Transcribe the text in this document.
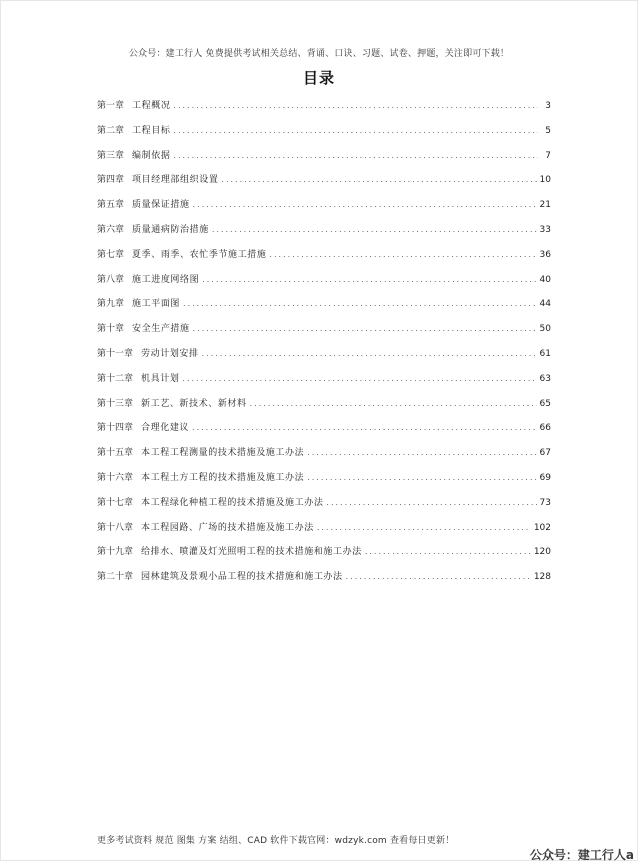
公众号：建工行人 免费提供考试相关总结、背诵、口诀、习题、试卷、押题，关注即可下载！
目录
第一章 工程概况 .....	3
第二章 工程目标 .....	5
第三章 编制依据 .....	7
第四章 项目经理部组织设置 .....	10
第五章 质量保证措施 .....	21
第六章 质量通病防治措施 .....	33
第七章 夏季、雨季、农忙季节施工措施 .....	36
第八章 施工进度网络图 .....	40
第九章 施工平面图 .....	44
第十章 安全生产措施 .....	50
第十一章 劳动计划安排 .....	61
第十二章 机具计划 .....	63
第十三章 新工艺、新技术、新材料 .....	65
第十四章 合理化建议 .....	66
第十五章 本工程工程测量的技术措施及施工办法 .....	67
第十六章 本工程土方工程的技术措施及施工办法 .....	69
第十七章 本工程绿化种植工程的技术措施及施工办法 .....	73
第十八章 本工程园路、广场的技术措施及施工办法 .....	102
第十九章 给排水、喷灌及灯光照明工程的技术措施和施工办法 .....	120
第二十章 园林建筑及景观小品工程的技术措施和施工办法 .....	128
更多考试资料 规范 图集 方案 结组、CAD 软件下载官网：wdzyk.com 查看每日更新！
公众号：建工行人a
